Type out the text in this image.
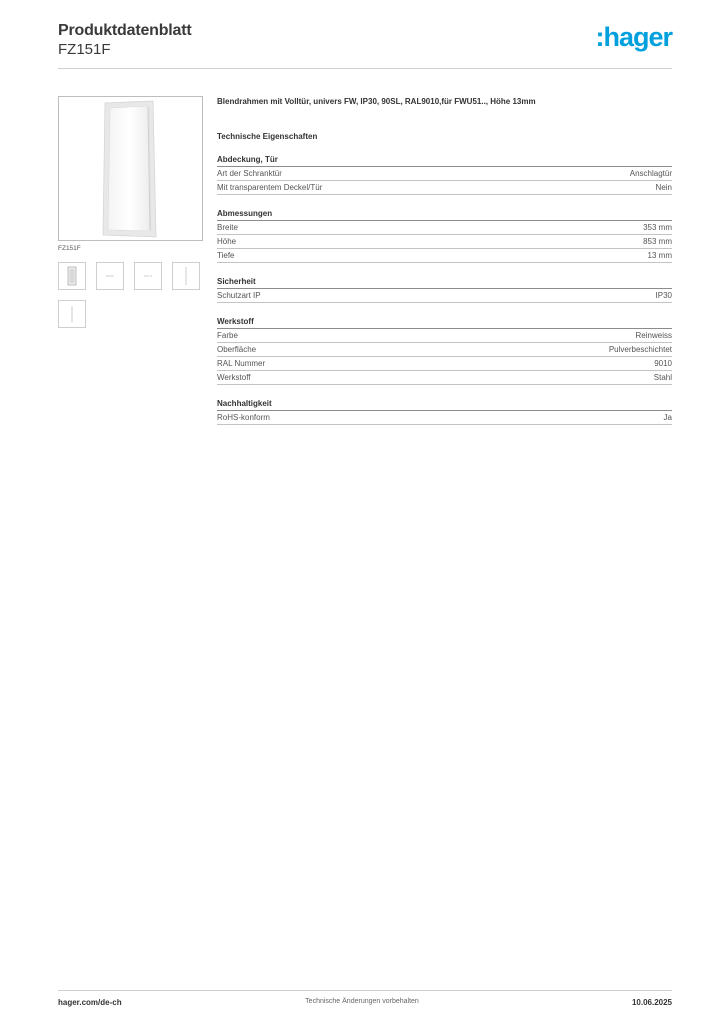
Produktdatenblatt
FZ151F	:hager
FZ151F
Blendrahmen mit Volltür, univers FW, IP30, 90SL, RAL9010,für FWU51.., Höhe 13mm
Technische Eigenschaften
Abdeckung, Tür
Art der Schranktür	Anschlagtür
Mit transparentem Deckel/Tür	Nein
Abmessungen
Breite	353 mm
Höhe	853 mm
Tiefe	13 mm
Sicherheit
Schutzart IP	IP30
Werkstoff
Farbe	Reinweiss
Oberfläche	Pulverbeschichtet
RAL Nummer	9010
Werkstoff	Stahl
Nachhaltigkeit
RoHS-konform	Ja
hager.com/de-ch	Technische Änderungen vorbehalten	10.06.2025
